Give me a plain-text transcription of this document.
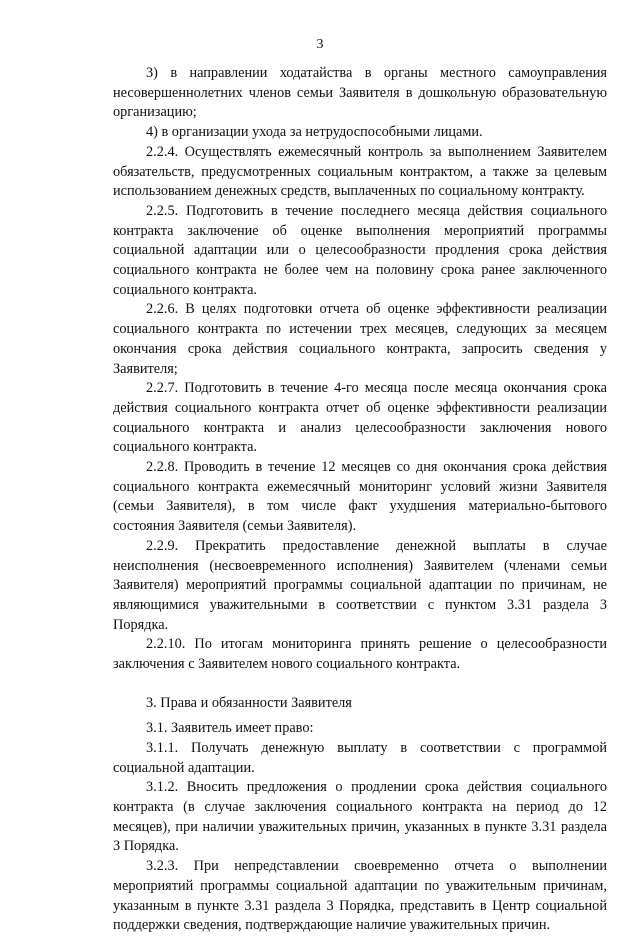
3

3) в направлении ходатайства в органы местного самоуправления несовершеннолетних членов семьи Заявителя в дошкольную образовательную организацию;

4) в организации ухода за нетрудоспособными лицами.

2.2.4. Осуществлять ежемесячный контроль за выполнением Заявителем обязательств, предусмотренных социальным контрактом, а также за целевым использованием денежных средств, выплаченных по социальному контракту.

2.2.5. Подготовить в течение последнего месяца действия социального контракта заключение об оценке выполнения мероприятий программы социальной адаптации или о целесообразности продления срока действия социального контракта не более чем на половину срока ранее заключенного социального контракта.

2.2.6. В целях подготовки отчета об оценке эффективности реализации социального контракта по истечении трех месяцев, следующих за месяцем окончания срока действия социального контракта, запросить сведения у Заявителя;

2.2.7. Подготовить в течение 4-го месяца после месяца окончания срока действия социального контракта отчет об оценке эффективности реализации социального контракта и анализ целесообразности заключения нового социального контракта.

2.2.8. Проводить в течение 12 месяцев со дня окончания срока действия социального контракта ежемесячный мониторинг условий жизни Заявителя (семьи Заявителя), в том числе факт ухудшения материально-бытового состояния Заявителя (семьи Заявителя).

2.2.9. Прекратить предоставление денежной выплаты в случае неисполнения (несвоевременного исполнения) Заявителем (членами семьи Заявителя) мероприятий программы социальной адаптации по причинам, не являющимися уважительными в соответствии с пунктом 3.31 раздела 3 Порядка.

2.2.10. По итогам мониторинга принять решение о целесообразности заключения с Заявителем нового социального контракта.

3. Права и обязанности Заявителя

3.1. Заявитель имеет право:

3.1.1. Получать денежную выплату в соответствии с программой социальной адаптации.

3.1.2. Вносить предложения о продлении срока действия социального контракта (в случае заключения социального контракта на период до 12 месяцев), при наличии уважительных причин, указанных в пункте 3.31 раздела 3 Порядка.

3.2.3. При непредставлении своевременно отчета о выполнении мероприятий программы социальной адаптации по уважительным причинам, указанным в пункте 3.31 раздела 3 Порядка, представить в Центр социальной поддержки сведения, подтверждающие наличие уважительных причин.
